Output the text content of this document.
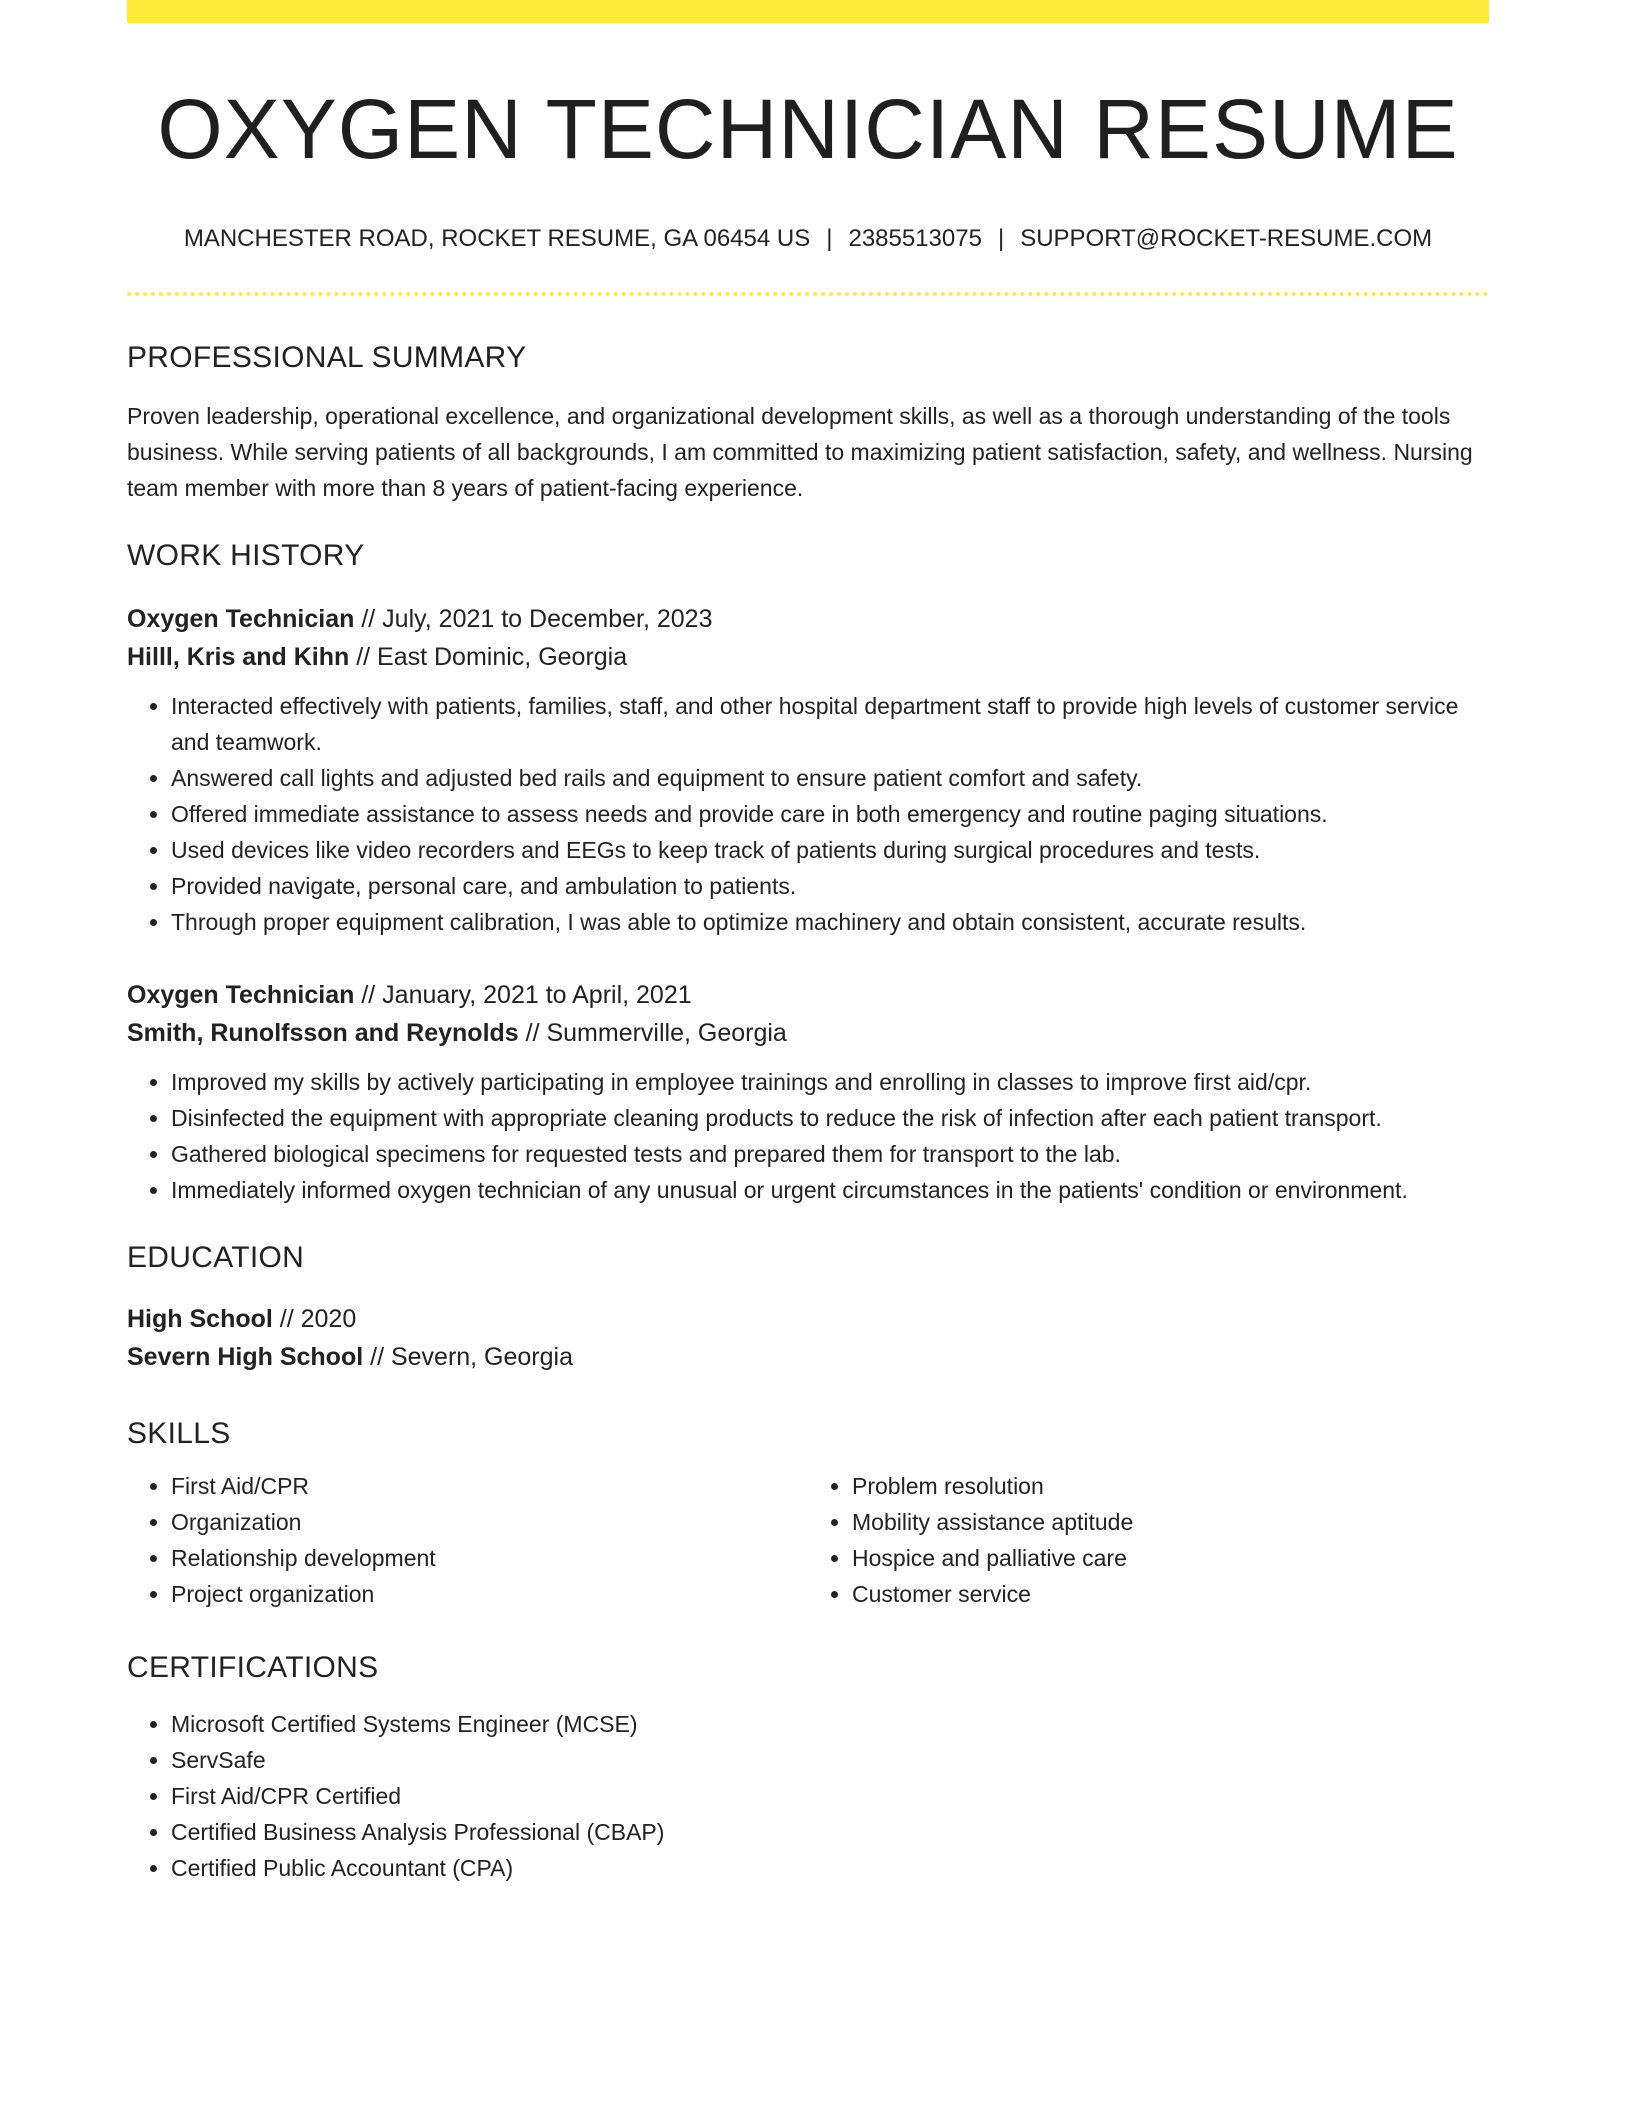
OXYGEN TECHNICIAN RESUME
MANCHESTER ROAD, ROCKET RESUME, GA 06454 US | 2385513075 | SUPPORT@ROCKET-RESUME.COM
PROFESSIONAL SUMMARY
Proven leadership, operational excellence, and organizational development skills, as well as a thorough understanding of the tools business. While serving patients of all backgrounds, I am committed to maximizing patient satisfaction, safety, and wellness. Nursing team member with more than 8 years of patient-facing experience.
WORK HISTORY
Oxygen Technician // July, 2021 to December, 2023
Hilll, Kris and Kihn // East Dominic, Georgia
• Interacted effectively with patients, families, staff, and other hospital department staff to provide high levels of customer service and teamwork.
• Answered call lights and adjusted bed rails and equipment to ensure patient comfort and safety.
• Offered immediate assistance to assess needs and provide care in both emergency and routine paging situations.
• Used devices like video recorders and EEGs to keep track of patients during surgical procedures and tests.
• Provided navigate, personal care, and ambulation to patients.
• Through proper equipment calibration, I was able to optimize machinery and obtain consistent, accurate results.
Oxygen Technician // January, 2021 to April, 2021
Smith, Runolfsson and Reynolds // Summerville, Georgia
• Improved my skills by actively participating in employee trainings and enrolling in classes to improve first aid/cpr.
• Disinfected the equipment with appropriate cleaning products to reduce the risk of infection after each patient transport.
• Gathered biological specimens for requested tests and prepared them for transport to the lab.
• Immediately informed oxygen technician of any unusual or urgent circumstances in the patients' condition or environment.
EDUCATION
High School // 2020
Severn High School // Severn, Georgia
SKILLS
• First Aid/CPR
• Organization
• Relationship development
• Project organization
• Problem resolution
• Mobility assistance aptitude
• Hospice and palliative care
• Customer service
CERTIFICATIONS
• Microsoft Certified Systems Engineer (MCSE)
• ServSafe
• First Aid/CPR Certified
• Certified Business Analysis Professional (CBAP)
• Certified Public Accountant (CPA)
